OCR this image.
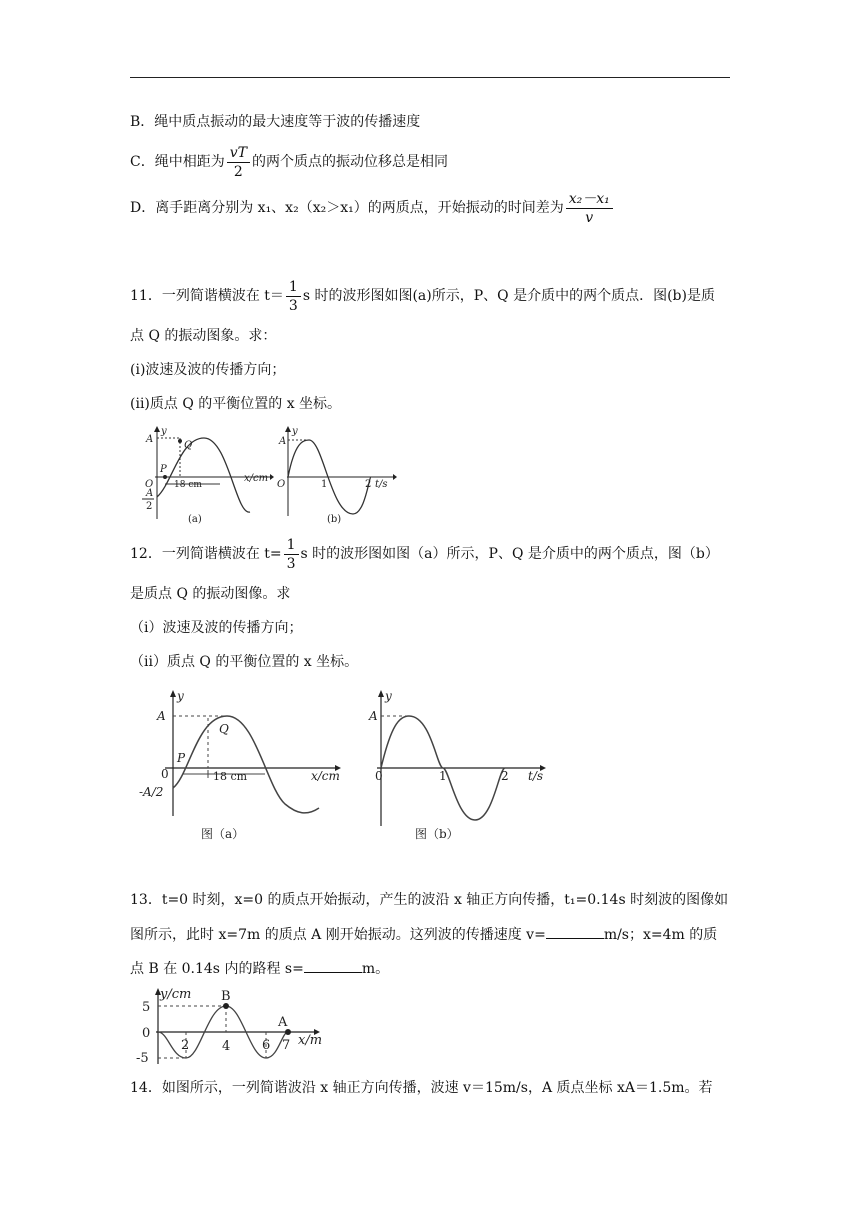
B．绳中质点振动的最大速度等于波的传播速度
C．绳中相距为 $\frac{vT}{2}$ 的两个质点的振动位移总是相同
D．离手距离分别为 x₁、x₂（x₂＞x₁）的两质点，开始振动的时间差为 $\frac{\text{x₂－x₁}}{v}$
11．一列简谐横波在 $t= \frac{1}{3}$ s 时的波形图如图(a)所示，P、Q 是介质中的两个质点．图(b)是质
点 Q 的振动图象。求：
(ⅰ)波速及波的传播方向；
(ⅱ)质点 Q 的平衡位置的 x 坐标。
A
y
Q
P
O 18 cm
x/cm
A
2
(a)
A
y
O	1	2 t/s
(b)
12．一列简谐横波在 $t= \frac{1}{3}$ s 时的波形图如图（a）所示，P、Q 是介质中的两个质点，图（b）
是质点 Q 的振动图像。求
（i）波速及波的传播方向；
（ii）质点 Q 的平衡位置的 x 坐标。
A
y
Q
P
0	18 cm	x/cm
-A/2
图（a）
A
y
0	1	2 t/s
图（b）
13．t=0 时刻，x=0 的质点开始振动，产生的波沿 x 轴正方向传播，t₁=0.14s 时刻波的图像如
图所示，此时 x=7m 的质点 A 刚开始振动。这列波的传播速度 v=	m/s；x=4m 的质
点 B 在 0.14s 内的路程 s=	m。
y/cm
x/m
5
0
-5
2	4 6 7
B
A
14．如图所示，一列简谐波沿 x 轴正方向传播，波速 v＝15m/s，A 质点坐标 xA＝1.5m。若
